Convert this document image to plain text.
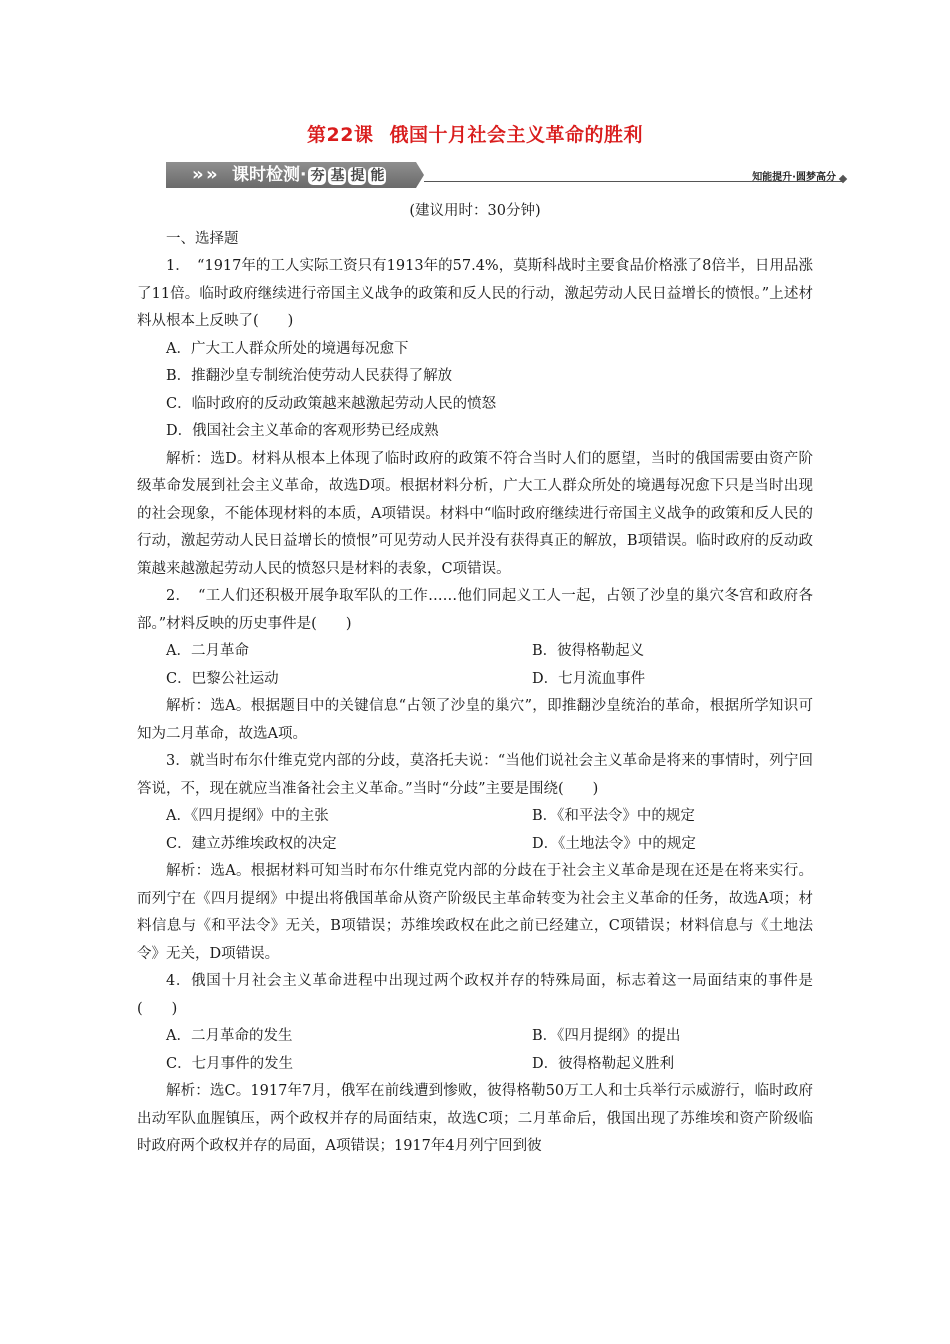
第22课 俄国十月社会主义革命的胜利
» » 课时检测· 夯 基 提 能	知能提升·圆梦高分

(建议用时：30分钟)

一、选择题

1．　“1917年的工人实际工资只有1913年的57.4%，莫斯科战时主要食品价格涨了8倍半，日用品涨了11倍。临时政府继续进行帝国主义战争的政策和反人民的行动，激起劳动人民日益增长的愤恨。”上述材料从根本上反映了(　　)

A．广大工人群众所处的境遇每况愈下

B．推翻沙皇专制统治使劳动人民获得了解放

C．临时政府的反动政策越来越激起劳动人民的愤怒

D．俄国社会主义革命的客观形势已经成熟

解析：选D。材料从根本上体现了临时政府的政策不符合当时人们的愿望，当时的俄国需要由资产阶级革命发展到社会主义革命，故选D项。根据材料分析，广大工人群众所处的境遇每况愈下只是当时出现的社会现象，不能体现材料的本质，A项错误。材料中“临时政府继续进行帝国主义战争的政策和反人民的行动，激起劳动人民日益增长的愤恨”可见劳动人民并没有获得真正的解放，B项错误。临时政府的反动政策越来越激起劳动人民的愤怒只是材料的表象，C项错误。

2．　“工人们还积极开展争取军队的工作……他们同起义工人一起，占领了沙皇的巢穴冬宫和政府各部。”材料反映的历史事件是(　　)

A．二月革命	B．彼得格勒起义
C．巴黎公社运动	D．七月流血事件

解析：选A。根据题目中的关键信息“占领了沙皇的巢穴”，即推翻沙皇统治的革命，根据所学知识可知为二月革命，故选A项。

3．就当时布尔什维克党内部的分歧，莫洛托夫说：“当他们说社会主义革命是将来的事情时，列宁回答说，不，现在就应当准备社会主义革命。”当时“分歧”主要是围绕(　　)

A．《四月提纲》中的主张	B．《和平法令》中的规定
C．建立苏维埃政权的决定	D．《土地法令》中的规定

解析：选A。根据材料可知当时布尔什维克党内部的分歧在于社会主义革命是现在还是在将来实行。而列宁在《四月提纲》中提出将俄国革命从资产阶级民主革命转变为社会主义革命的任务，故选A项；材料信息与《和平法令》无关，B项错误；苏维埃政权在此之前已经建立，C项错误；材料信息与《土地法令》无关，D项错误。

4．俄国十月社会主义革命进程中出现过两个政权并存的特殊局面，标志着这一局面结束的事件是(　　)

A．二月革命的发生	B．《四月提纲》的提出
C．七月事件的发生	D．彼得格勒起义胜利

解析：选C。1917年7月，俄军在前线遭到惨败，彼得格勒50万工人和士兵举行示威游行，临时政府出动军队血腥镇压，两个政权并存的局面结束，故选C项；二月革命后，俄国出现了苏维埃和资产阶级临时政府两个政权并存的局面，A项错误；1917年4月列宁回到彼
